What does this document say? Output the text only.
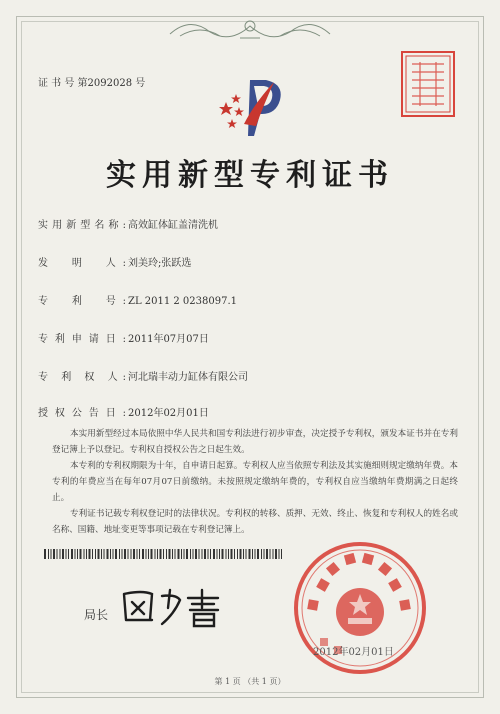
证 书 号 第2092028 号
实用新型专利证书
实用新型名称: 高效缸体缸盖清洗机
发　明　人: 刘美玲;张跃选
专　利　号: ZL 2011 2 0238097.1
专利申请日: 2011年07月07日
专 利 权 人: 河北瑞丰动力缸体有限公司
授权公告日: 2012年02月01日
本实用新型经过本局依照中华人民共和国专利法进行初步审查，决定授予专利权，颁发本证书并在专利登记簿上予以登记。专利权自授权公告之日起生效。
本专利的专利权期限为十年，自申请日起算。专利权人应当依照专利法及其实施细则规定缴纳年费。本专利的年费应当在每年07月07日前缴纳。未按照规定缴纳年费的，专利权自应当缴纳年费期满之日起终止。
专利证书记载专利权登记时的法律状况。专利权的转移、质押、无效、终止、恢复和专利权人的姓名或名称、国籍、地址变更等事项记载在专利登记簿上。
局长
2012年02月01日
第 1 页 （共 1 页）
